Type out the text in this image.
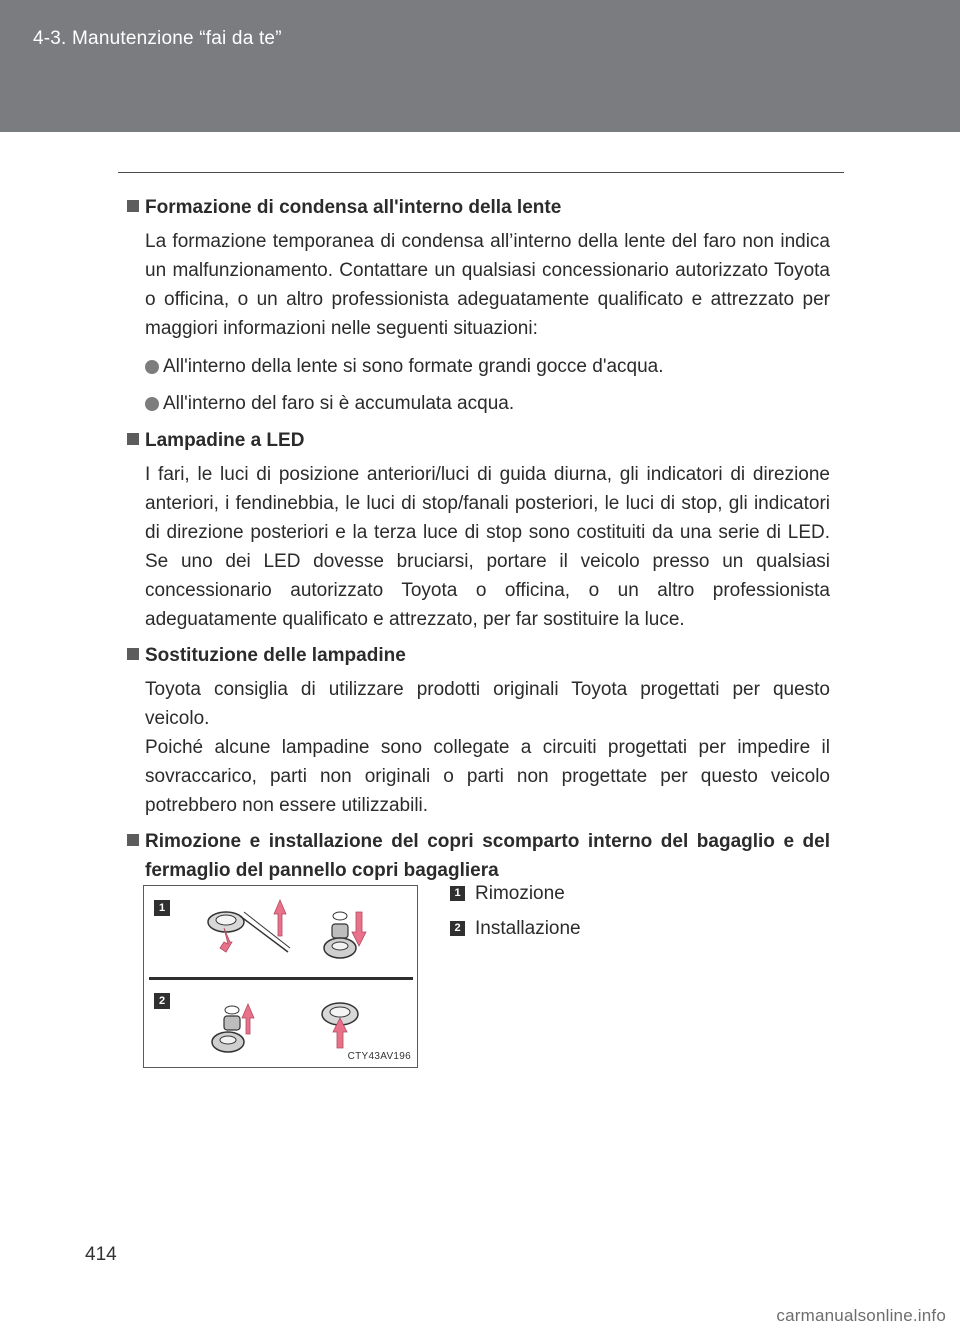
4-3. Manutenzione “fai da te”
Formazione di condensa all'interno della lente

La formazione temporanea di condensa all’interno della lente del faro non indica un malfunzionamento. Contattare un qualsiasi concessionario autorizzato Toyota o officina, o un altro professionista adeguatamente qualificato e attrezzato per maggiori informazioni nelle seguenti situazioni:

All'interno della lente si sono formate grandi gocce d'acqua.
All'interno del faro si è accumulata acqua.
Lampadine a LED

I fari, le luci di posizione anteriori/luci di guida diurna, gli indicatori di direzione anteriori, i fendinebbia, le luci di stop/fanali posteriori, le luci di stop, gli indicatori di direzione posteriori e la terza luce di stop sono costituiti da una serie di LED. Se uno dei LED dovesse bruciarsi, portare il veicolo presso un qualsiasi concessionario autorizzato Toyota o officina, o un altro professionista adeguatamente qualificato e attrezzato, per far sostituire la luce.

Sostituzione delle lampadine

Toyota consiglia di utilizzare prodotti originali Toyota progettati per questo veicolo.

Poiché alcune lampadine sono collegate a circuiti progettati per impedire il sovraccarico, parti non originali o parti non progettate per questo veicolo potrebbero non essere utilizzabili.

Rimozione e installazione del copri scomparto interno del bagaglio e del fermaglio del pannello copri bagagliera
1
2
CTY43AV196
1 Rimozione
2 Installazione
414
carmanualsonline.info
